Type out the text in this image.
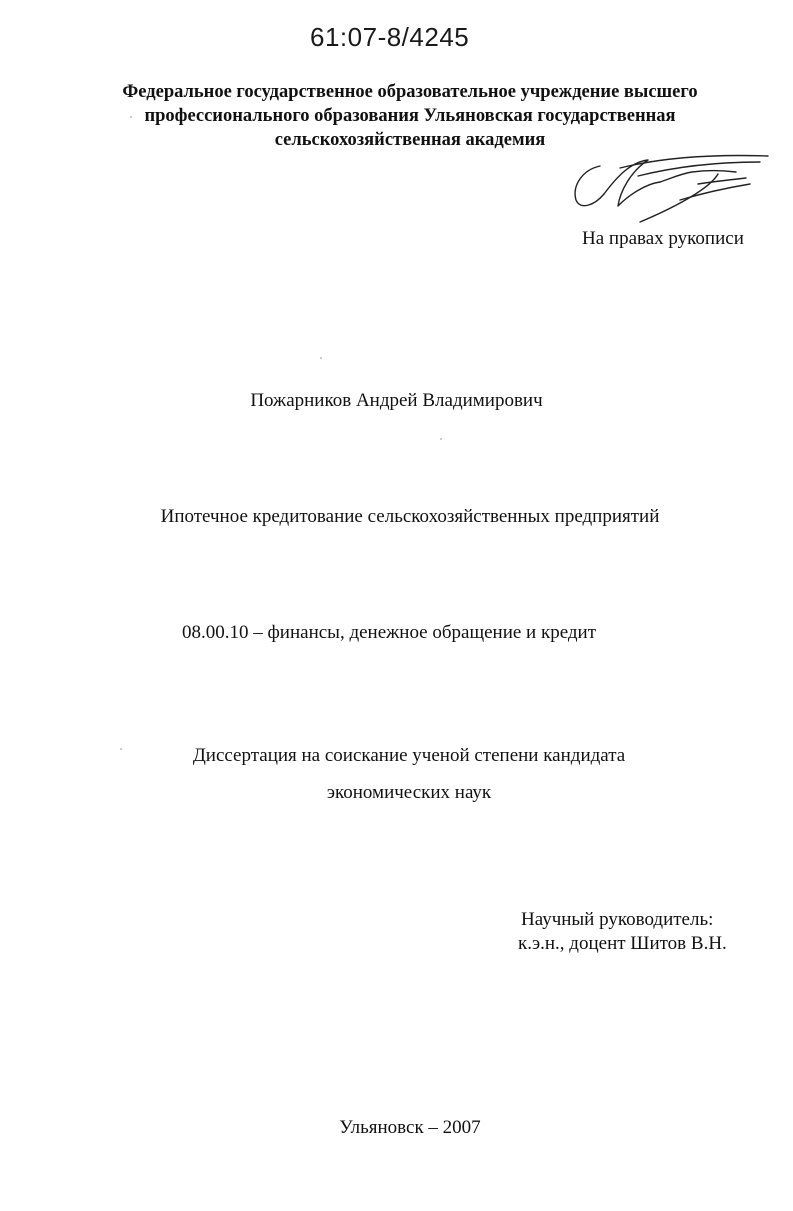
61:07-8/4245
Федеральное государственное образовательное учреждение высшего
профессионального образования Ульяновская государственная
сельскохозяйственная академия
На правах рукописи
Пожарников Андрей Владимирович
Ипотечное кредитование сельскохозяйственных предприятий
08.00.10 – финансы, денежное обращение и кредит
Диссертация на соискание ученой степени кандидата
экономических наук
Научный руководитель:
к.э.н., доцент Шитов В.Н.
Ульяновск – 2007
